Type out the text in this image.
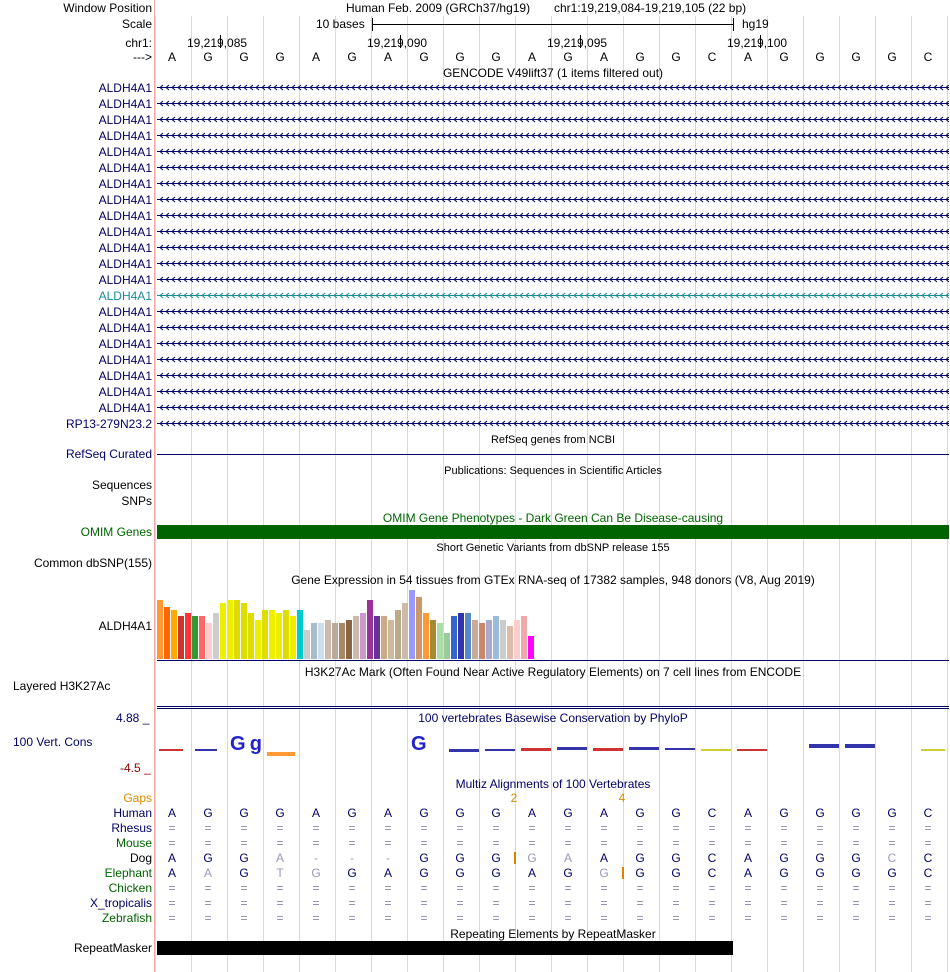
Window Position	Human Feb. 2009 (GRCh37/hg19) chr1:19,219,084-19,219,105 (22 bp)
Scale	10 bases	hg19
chr1:	19,219,085	19,219,090	19,219,095	19,219,100
--->	A	G	G	G	A	G	A	G	G	G	A	G	A	G	G	C	A	G	G	G	G	C
GENCODE V49lift37 (1 items filtered out)
ALDH4A1
ALDH4A1
ALDH4A1
ALDH4A1
ALDH4A1
ALDH4A1
ALDH4A1
ALDH4A1
ALDH4A1
ALDH4A1
ALDH4A1
ALDH4A1
ALDH4A1
ALDH4A1
ALDH4A1
ALDH4A1
ALDH4A1
ALDH4A1
ALDH4A1
ALDH4A1
ALDH4A1
RP13-279N23.2
RefSeq genes from NCBI
RefSeq Curated
Publications: Sequences in Scientific Articles
Sequences
SNPs
OMIM Gene Phenotypes - Dark Green Can Be Disease-causing
OMIM Genes
Short Genetic Variants from dbSNP release 155
Common dbSNP(155)
Gene Expression in 54 tissues from GTEx RNA-seq of 17382 samples, 948 donors (V8, Aug 2019)
ALDH4A1
H3K27Ac Mark (Often Found Near Active Regulatory Elements) on 7 cell lines from ENCODE
Layered H3K27Ac
100 vertebrates Basewise Conservation by PhyloP
4.88 _
100 Vert. Cons
-4.5 _
Gg	G
Multiz Alignments of 100 Vertebrates
Gaps	2	4
Human	A	G	G	G	A	G	A	G	G	G	A	G	A	G	G	C	A	G	G	G	G	C
Rhesus	=	=	=	=	=	=	=	=	=	=	=	=	=	=	=	=	=	=	=	=	=	=
Mouse	=	=	=	=	=	=	=	=	=	=	=	=	=	=	=	=	=	=	=	=	=	=
Dog	A	G	G	A	-	-	-	G	G	G	G	A	A	G	G	C	A	G	G	G	C	C
Elephant	A	A	G	T	G	G	A	G	G	G	A	G	G	G	G	C	A	G	G	G	G	C
Chicken	=	=	=	=	=	=	=	=	=	=	=	=	=	=	=	=	=	=	=	=	=	=
X_tropicalis	=	=	=	=	=	=	=	=	=	=	=	=	=	=	=	=	=	=	=	=	=	=
Zebrafish	=	=	=	=	=	=	=	=	=	=	=	=	=	=	=	=	=	=	=	=	=	=
Repeating Elements by RepeatMasker
RepeatMasker
